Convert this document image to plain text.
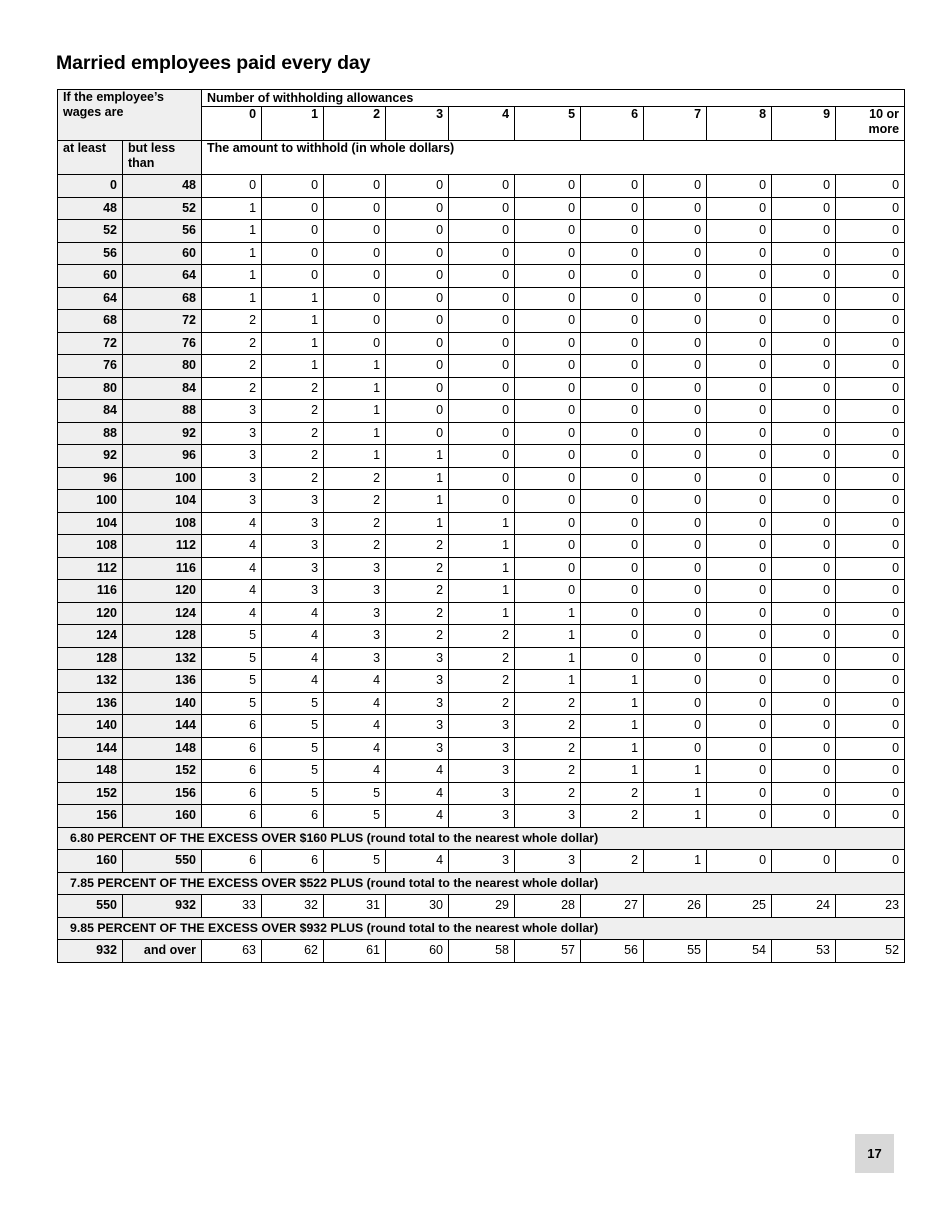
Married employees paid every day
If the employee’s wages are		Number of withholding allowances										
		0	1	2	3	4	5	6	7	8	9	10 or more
at least	but less than	The amount to withhold (in whole dollars)										
0	48	0	0	0	0	0	0	0	0	0	0	0
48	52	1	0	0	0	0	0	0	0	0	0	0
52	56	1	0	0	0	0	0	0	0	0	0	0
56	60	1	0	0	0	0	0	0	0	0	0	0
60	64	1	0	0	0	0	0	0	0	0	0	0
64	68	1	1	0	0	0	0	0	0	0	0	0
68	72	2	1	0	0	0	0	0	0	0	0	0
72	76	2	1	0	0	0	0	0	0	0	0	0
76	80	2	1	1	0	0	0	0	0	0	0	0
80	84	2	2	1	0	0	0	0	0	0	0	0
84	88	3	2	1	0	0	0	0	0	0	0	0
88	92	3	2	1	0	0	0	0	0	0	0	0
92	96	3	2	1	1	0	0	0	0	0	0	0
96	100	3	2	2	1	0	0	0	0	0	0	0
100	104	3	3	2	1	0	0	0	0	0	0	0
104	108	4	3	2	1	1	0	0	0	0	0	0
108	112	4	3	2	2	1	0	0	0	0	0	0
112	116	4	3	3	2	1	0	0	0	0	0	0
116	120	4	3	3	2	1	0	0	0	0	0	0
120	124	4	4	3	2	1	1	0	0	0	0	0
124	128	5	4	3	2	2	1	0	0	0	0	0
128	132	5	4	3	3	2	1	0	0	0	0	0
132	136	5	4	4	3	2	1	1	0	0	0	0
136	140	5	5	4	3	2	2	1	0	0	0	0
140	144	6	5	4	3	3	2	1	0	0	0	0
144	148	6	5	4	3	3	2	1	0	0	0	0
148	152	6	5	4	4	3	2	1	1	0	0	0
152	156	6	5	5	4	3	2	2	1	0	0	0
156	160	6	6	5	4	3	3	2	1	0	0	0
6.80 PERCENT OF THE EXCESS OVER $160 PLUS (round total to the nearest whole dollar)												
160	550	6	6	5	4	3	3	2	1	0	0	0
7.85 PERCENT OF THE EXCESS OVER $522 PLUS (round total to the nearest whole dollar)												
550	932	33	32	31	30	29	28	27	26	25	24	23
9.85 PERCENT OF THE EXCESS OVER $932 PLUS (round total to the nearest whole dollar)												
932	and over	63	62	61	60	58	57	56	55	54	53	52
17
